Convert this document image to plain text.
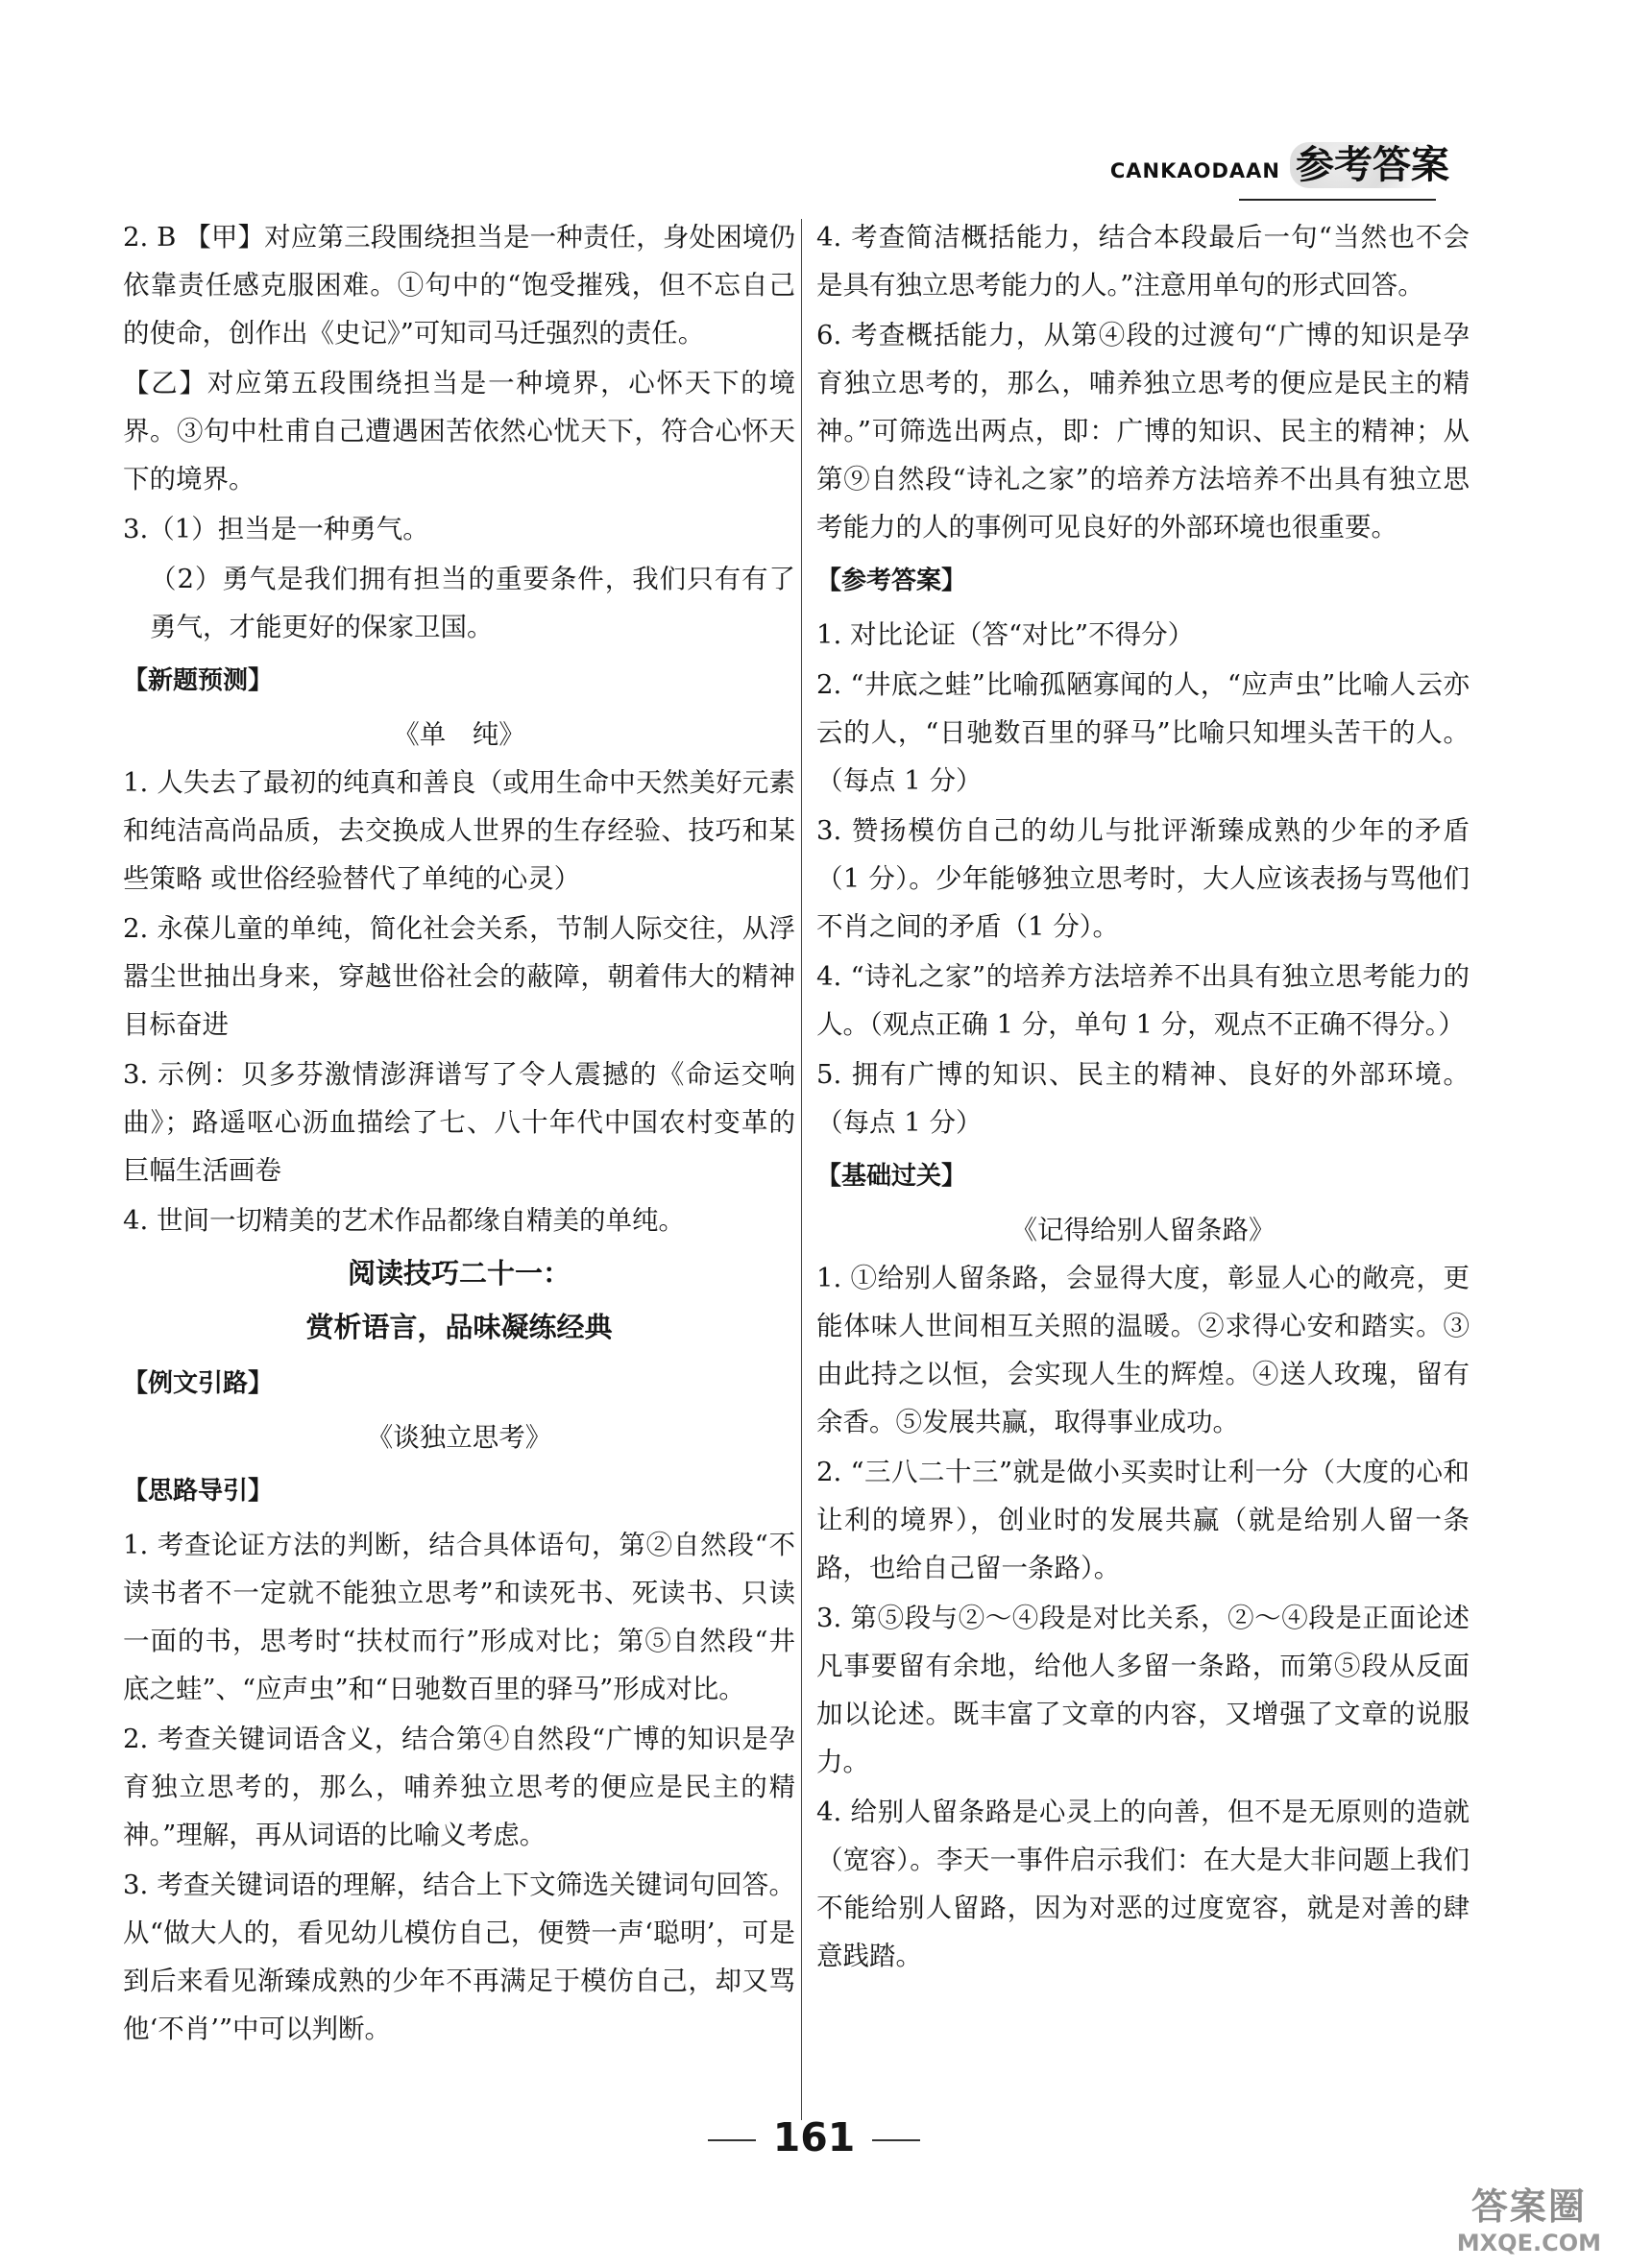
CANKAODAAN 参考答案

2. B 【甲】对应第三段围绕担当是一种责任，身处困境仍依靠责任感克服困难。①句中的“饱受摧残，但不忘自己的使命，创作出《史记》”可知司马迁强烈的责任。

【乙】对应第五段围绕担当是一种境界，心怀天下的境界。③句中杜甫自己遭遇困苦依然心忧天下，符合心怀天下的境界。

3.（1）担当是一种勇气。

（2）勇气是我们拥有担当的重要条件，我们只有有了勇气，才能更好的保家卫国。

【新题预测】
《单　纯》

1. 人失去了最初的纯真和善良（或用生命中天然美好元素和纯洁高尚品质，去交换成人世界的生存经验、技巧和某些策略 或世俗经验替代了单纯的心灵）

2. 永葆儿童的单纯，简化社会关系，节制人际交往，从浮嚣尘世抽出身来，穿越世俗社会的蔽障，朝着伟大的精神目标奋进

3. 示例：贝多芬激情澎湃谱写了令人震撼的《命运交响曲》；路遥呕心沥血描绘了七、八十年代中国农村变革的巨幅生活画卷

4. 世间一切精美的艺术作品都缘自精美的单纯。

阅读技巧二十一：
赏析语言，品味凝练经典
【例文引路】
《谈独立思考》
【思路导引】

1. 考查论证方法的判断，结合具体语句，第②自然段“不读书者不一定就不能独立思考”和读死书、死读书、只读一面的书，思考时“扶杖而行”形成对比；第⑤自然段“井底之蛙”、“应声虫”和“日驰数百里的驿马”形成对比。

2. 考查关键词语含义，结合第④自然段“广博的知识是孕育独立思考的，那么，哺养独立思考的便应是民主的精神。”理解，再从词语的比喻义考虑。

3. 考查关键词语的理解，结合上下文筛选关键词句回答。从“做大人的，看见幼儿模仿自己，便赞一声‘聪明’，可是到后来看见渐臻成熟的少年不再满足于模仿自己，却又骂他‘不肖’”中可以判断。

4. 考查简洁概括能力，结合本段最后一句“当然也不会是具有独立思考能力的人。”注意用单句的形式回答。

6. 考查概括能力，从第④段的过渡句“广博的知识是孕育独立思考的，那么，哺养独立思考的便应是民主的精神。”可筛选出两点，即：广博的知识、民主的精神；从第⑨自然段“诗礼之家”的培养方法培养不出具有独立思考能力的人的事例可见良好的外部环境也很重要。

【参考答案】

1. 对比论证（答“对比”不得分）

2. “井底之蛙”比喻孤陋寡闻的人，“应声虫”比喻人云亦云的人，“日驰数百里的驿马”比喻只知埋头苦干的人。（每点 1 分）

3. 赞扬模仿自己的幼儿与批评渐臻成熟的少年的矛盾（1 分）。少年能够独立思考时，大人应该表扬与骂他们不肖之间的矛盾（1 分）。

4. “诗礼之家”的培养方法培养不出具有独立思考能力的人。（观点正确 1 分，单句 1 分，观点不正确不得分。）

5. 拥有广博的知识、民主的精神、良好的外部环境。（每点 1 分）

【基础过关】
《记得给别人留条路》

1. ①给别人留条路，会显得大度，彰显人心的敞亮，更能体味人世间相互关照的温暖。②求得心安和踏实。③由此持之以恒，会实现人生的辉煌。④送人玫瑰，留有余香。⑤发展共赢，取得事业成功。

2. “三八二十三”就是做小买卖时让利一分（大度的心和让利的境界），创业时的发展共赢（就是给别人留一条路，也给自己留一条路）。

3. 第⑤段与②～④段是对比关系，②～④段是正面论述凡事要留有余地，给他人多留一条路，而第⑤段从反面加以论述。既丰富了文章的内容，又增强了文章的说服力。

4. 给别人留条路是心灵上的向善，但不是无原则的造就（宽容）。李天一事件启示我们：在大是大非问题上我们不能给别人留路，因为对恶的过度宽容，就是对善的肆意践踏。

161
答案圈
MXQE.COM
